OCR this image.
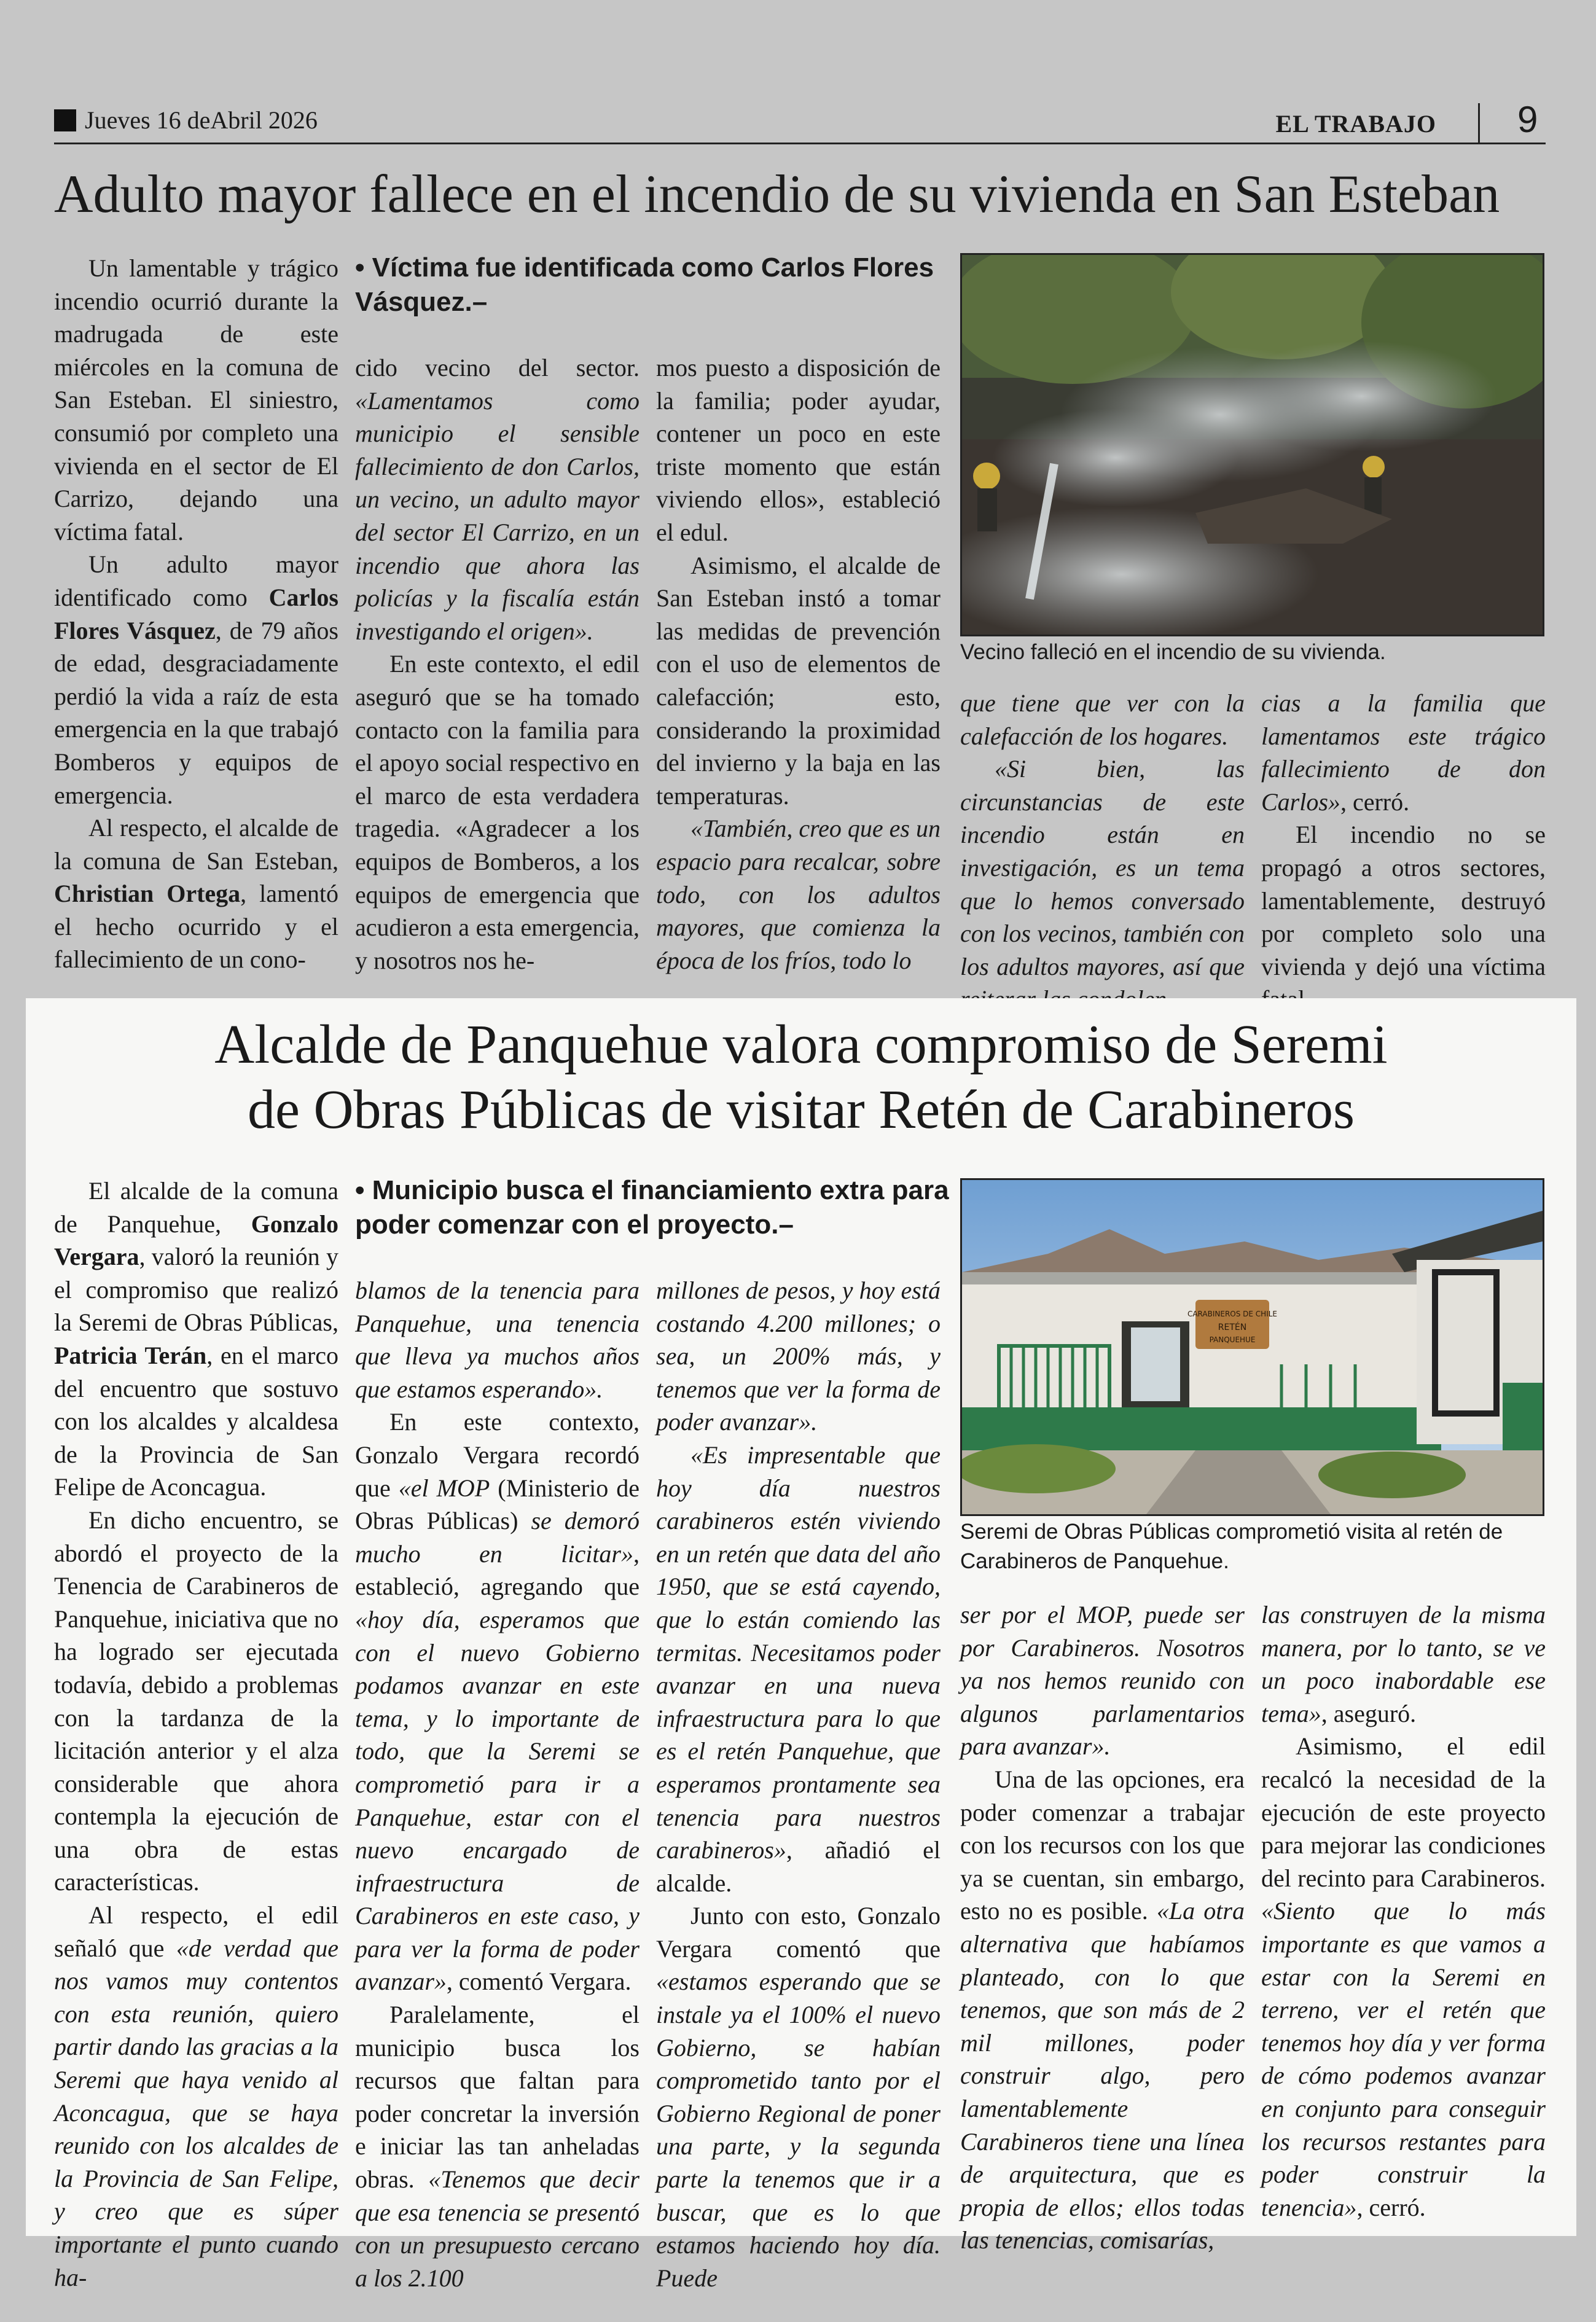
Jueves 16 deAbril 2026	EL TRABAJO 9
Adulto mayor fallece en el incendio de su vivienda en San Esteban

Un lamentable y trágico incendio ocurrió durante la madrugada de este miércoles en la comuna de San Esteban. El siniestro, consumió por completo una vivienda en el sector de El Carrizo, dejando una víctima fatal.

Un adulto mayor identificado como Carlos Flores Vásquez, de 79 años de edad, desgraciadamente perdió la vida a raíz de esta emergencia en la que trabajó Bomberos y equipos de emergencia.

Al respecto, el alcalde de la comuna de San Esteban, Christian Ortega, lamentó el hecho ocurrido y el fallecimiento de un cono-

• Víctima fue identificada como Carlos Flores Vásquez.–

cido vecino del sector. «Lamentamos como municipio el sensible fallecimiento de don Carlos, un vecino, un adulto mayor del sector El Carrizo, en un incendio que ahora las policías y la fiscalía están investigando el origen».

En este contexto, el edil aseguró que se ha tomado contacto con la familia para el apoyo social respectivo en el marco de esta verdadera tragedia. «Agradecer a los equipos de Bomberos, a los equipos de emergencia que acudieron a esta emergencia, y nosotros nos he-

mos puesto a disposición de la familia; poder ayudar, contener un poco en este triste momento que están viviendo ellos», estableció el edul.

Asimismo, el alcalde de San Esteban instó a tomar las medidas de prevención con el uso de elementos de calefacción; esto, considerando la proximidad del invierno y la baja en las temperaturas.

«También, creo que es un espacio para recalcar, sobre todo, con los adultos mayores, que comienza la época de los fríos, todo lo

Vecino falleció en el incendio de su vivienda.

que tiene que ver con la calefacción de los hogares.

«Si bien, las circunstancias de este incendio están en investigación, es un tema que lo hemos conversado con los vecinos, también con los adultos mayores, así que

cias a la familia que lamentamos este trágico fallecimiento de don Carlos», cerró.

El incendio no se propagó a otros sectores, lamentablemente, destruyó por completo solo una vivienda y dejó una víctima

Alcalde de Panquehue valora compromiso de Seremi
de Obras Públicas de visitar Retén de Carabineros

El alcalde de la comuna de Panquehue, Gonzalo Vergara, valoró la reunión y el compromiso que realizó la Seremi de Obras Públicas, Patricia Terán, en el marco del encuentro que sostuvo con los alcaldes y alcaldesa de la Provincia de San Felipe de Aconcagua.

En dicho encuentro, se abordó el proyecto de la Tenencia de Carabineros de Panquehue, iniciativa que no ha logrado ser ejecutada todavía, debido a problemas con la tardanza de la licitación anterior y el alza considerable que ahora contempla la ejecución de una obra de estas características.

Al respecto, el edil señaló que «de verdad que nos vamos muy contentos con esta reunión, quiero partir dando las gracias a la Seremi que haya venido al Aconcagua, que se haya reunido con los alcaldes de la Provincia de San Felipe, y creo que es súper importante el punto cuando ha-

• Municipio busca el financiamiento extra para poder comenzar con el proyecto.–

blamos de la tenencia para Panquehue, una tenencia que lleva ya muchos años que estamos esperando».

En este contexto, Gonzalo Vergara recordó que «el MOP (Ministerio de Obras Públicas) se demoró mucho en licitar», estableció, agregando que «hoy día, esperamos que con el nuevo Gobierno podamos avanzar en este tema, y lo importante de todo, que la Seremi se comprometió para ir a Panquehue, estar con el nuevo encargado de infraestructura de Carabineros en este caso, y para ver la forma de poder avanzar», comentó Vergara.

Paralelamente, el municipio busca los recursos que faltan para poder concretar la inversión e iniciar las tan anheladas obras. «Tenemos que decir que esa tenencia se presentó con un presupuesto cercano a los 2.100

millones de pesos, y hoy está costando 4.200 millones; o sea, un 200% más, y tenemos que ver la forma de poder avanzar».

«Es impresentable que hoy día nuestros carabineros estén viviendo en un retén que data del año 1950, que se está cayendo, que lo están comiendo las termitas. Necesitamos poder avanzar en una nueva infraestructura para lo que es el retén Panquehue, que esperamos prontamente sea tenencia para nuestros carabineros», añadió el alcalde.

Junto con esto, Gonzalo Vergara comentó que «estamos esperando que se instale ya el 100% el nuevo Gobierno, se habían comprometido tanto por el Gobierno Regional de poner una parte, y la segunda parte la tenemos que ir a buscar, que es lo que estamos haciendo hoy día. Puede

CARABINEROS DE CHILE
RETÉN
PANQUEHUE
Seremi de Obras Públicas comprometió visita al retén de Carabineros de Panquehue.

ser por el MOP, puede ser por Carabineros. Nosotros ya nos hemos reunido con algunos parlamentarios para avanzar».

Una de las opciones, era poder comenzar a trabajar con los recursos con los que ya se cuentan, sin embargo, esto no es posible. «La otra alternativa que habíamos planteado, con lo que tenemos, que son más de 2 mil millones, poder construir algo, pero lamentablemente Carabineros tiene una línea de arquitectura, que es propia de ellos; ellos todas las tenencias, comisarías,

las construyen de la misma manera, por lo tanto, se ve un poco inabordable ese tema», aseguró.

Asimismo, el edil recalcó la necesidad de la ejecución de este proyecto para mejorar las condiciones del recinto para Carabineros. «Siento que lo más importante es que vamos a estar con la Seremi en terreno, ver el retén que tenemos hoy día y ver forma de cómo podemos avanzar en conjunto para conseguir los recursos restantes para poder construir la tenencia», cerró.
